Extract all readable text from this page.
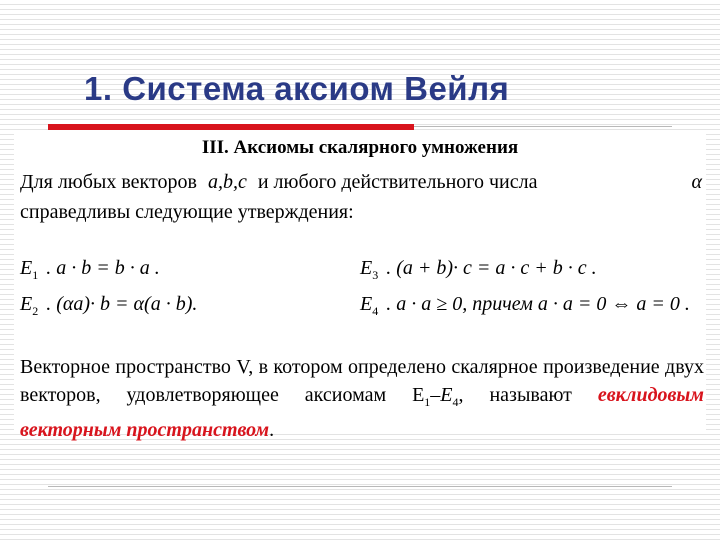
1. Система аксиом Вейля
III. Аксиомы скалярного умножения
Для любых векторов a,b,c и любого действительного числа	α
справедливы следующие утверждения:
$E_1$ . a · b = b · a .
$E_2$ . (αa)· b = α(a · b).
$E_3$ . (a + b)· c = a · c + b · c .
$E_4$ . a · a ≥ 0, причем a · a = 0 ⇔ a = 0 .
Векторное пространство V, в котором определено скалярное произведение двух векторов, удовлетворяющее аксиомам $E_1-E_4$, называют евклидовым векторным пространством.
